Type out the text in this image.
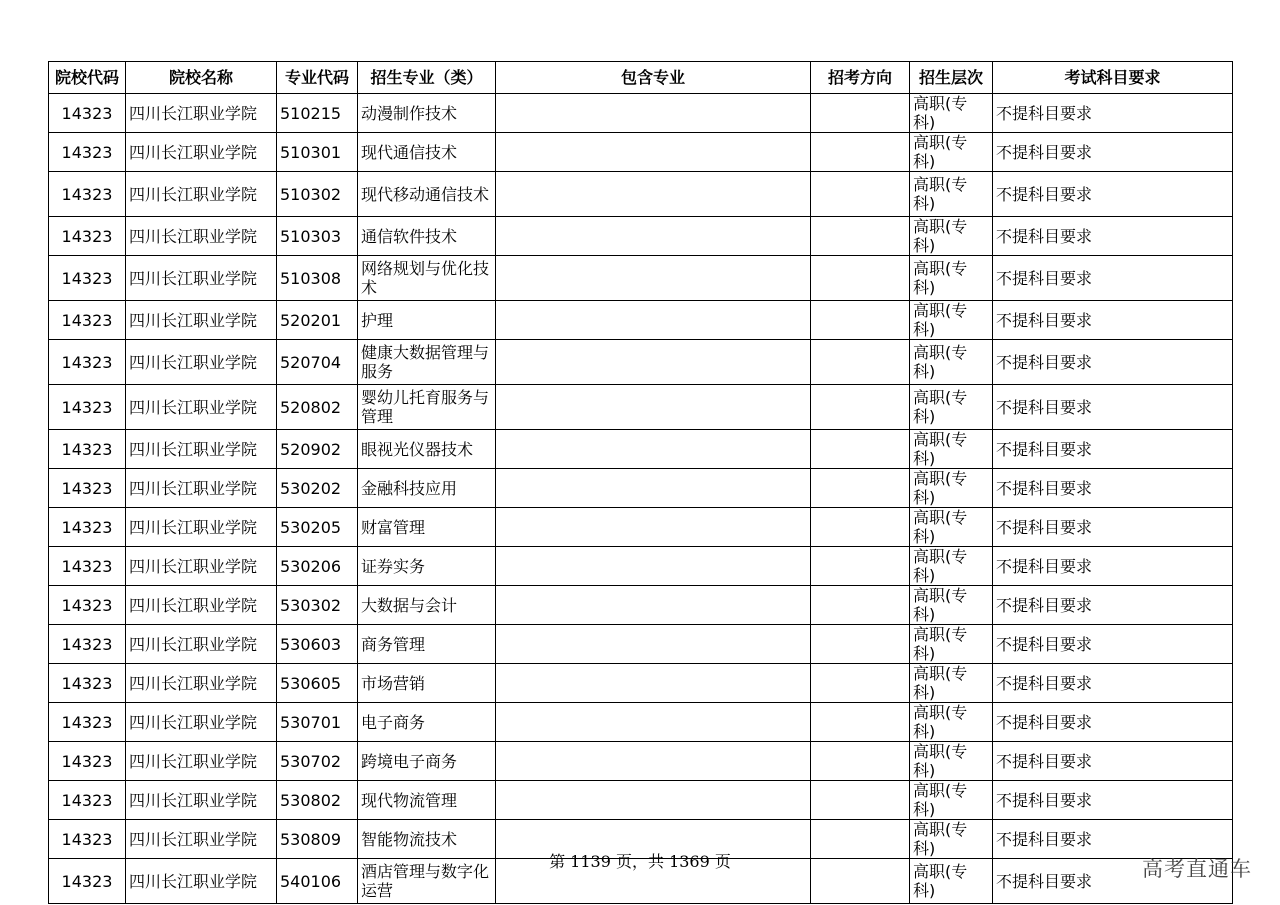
院校代码	院校名称	专业代码	招生专业（类）	包含专业	招考方向	招生层次	考试科目要求
14323	四川长江职业学院	510215	动漫制作技术			高职(专科)	不提科目要求
14323	四川长江职业学院	510301	现代通信技术			高职(专科)	不提科目要求
14323	四川长江职业学院	510302	现代移动通信技术			高职(专科)	不提科目要求
14323	四川长江职业学院	510303	通信软件技术			高职(专科)	不提科目要求
14323	四川长江职业学院	510308	网络规划与优化技术			高职(专科)	不提科目要求
14323	四川长江职业学院	520201	护理			高职(专科)	不提科目要求
14323	四川长江职业学院	520704	健康大数据管理与服务			高职(专科)	不提科目要求
14323	四川长江职业学院	520802	婴幼儿托育服务与管理			高职(专科)	不提科目要求
14323	四川长江职业学院	520902	眼视光仪器技术			高职(专科)	不提科目要求
14323	四川长江职业学院	530202	金融科技应用			高职(专科)	不提科目要求
14323	四川长江职业学院	530205	财富管理			高职(专科)	不提科目要求
14323	四川长江职业学院	530206	证券实务			高职(专科)	不提科目要求
14323	四川长江职业学院	530302	大数据与会计			高职(专科)	不提科目要求
14323	四川长江职业学院	530603	商务管理			高职(专科)	不提科目要求
14323	四川长江职业学院	530605	市场营销			高职(专科)	不提科目要求
14323	四川长江职业学院	530701	电子商务			高职(专科)	不提科目要求
14323	四川长江职业学院	530702	跨境电子商务			高职(专科)	不提科目要求
14323	四川长江职业学院	530802	现代物流管理			高职(专科)	不提科目要求
14323	四川长江职业学院	530809	智能物流技术			高职(专科)	不提科目要求
14323	四川长江职业学院	540106	酒店管理与数字化运营			高职(专科)	不提科目要求
第 1139 页，共 1369 页	高考直通车
